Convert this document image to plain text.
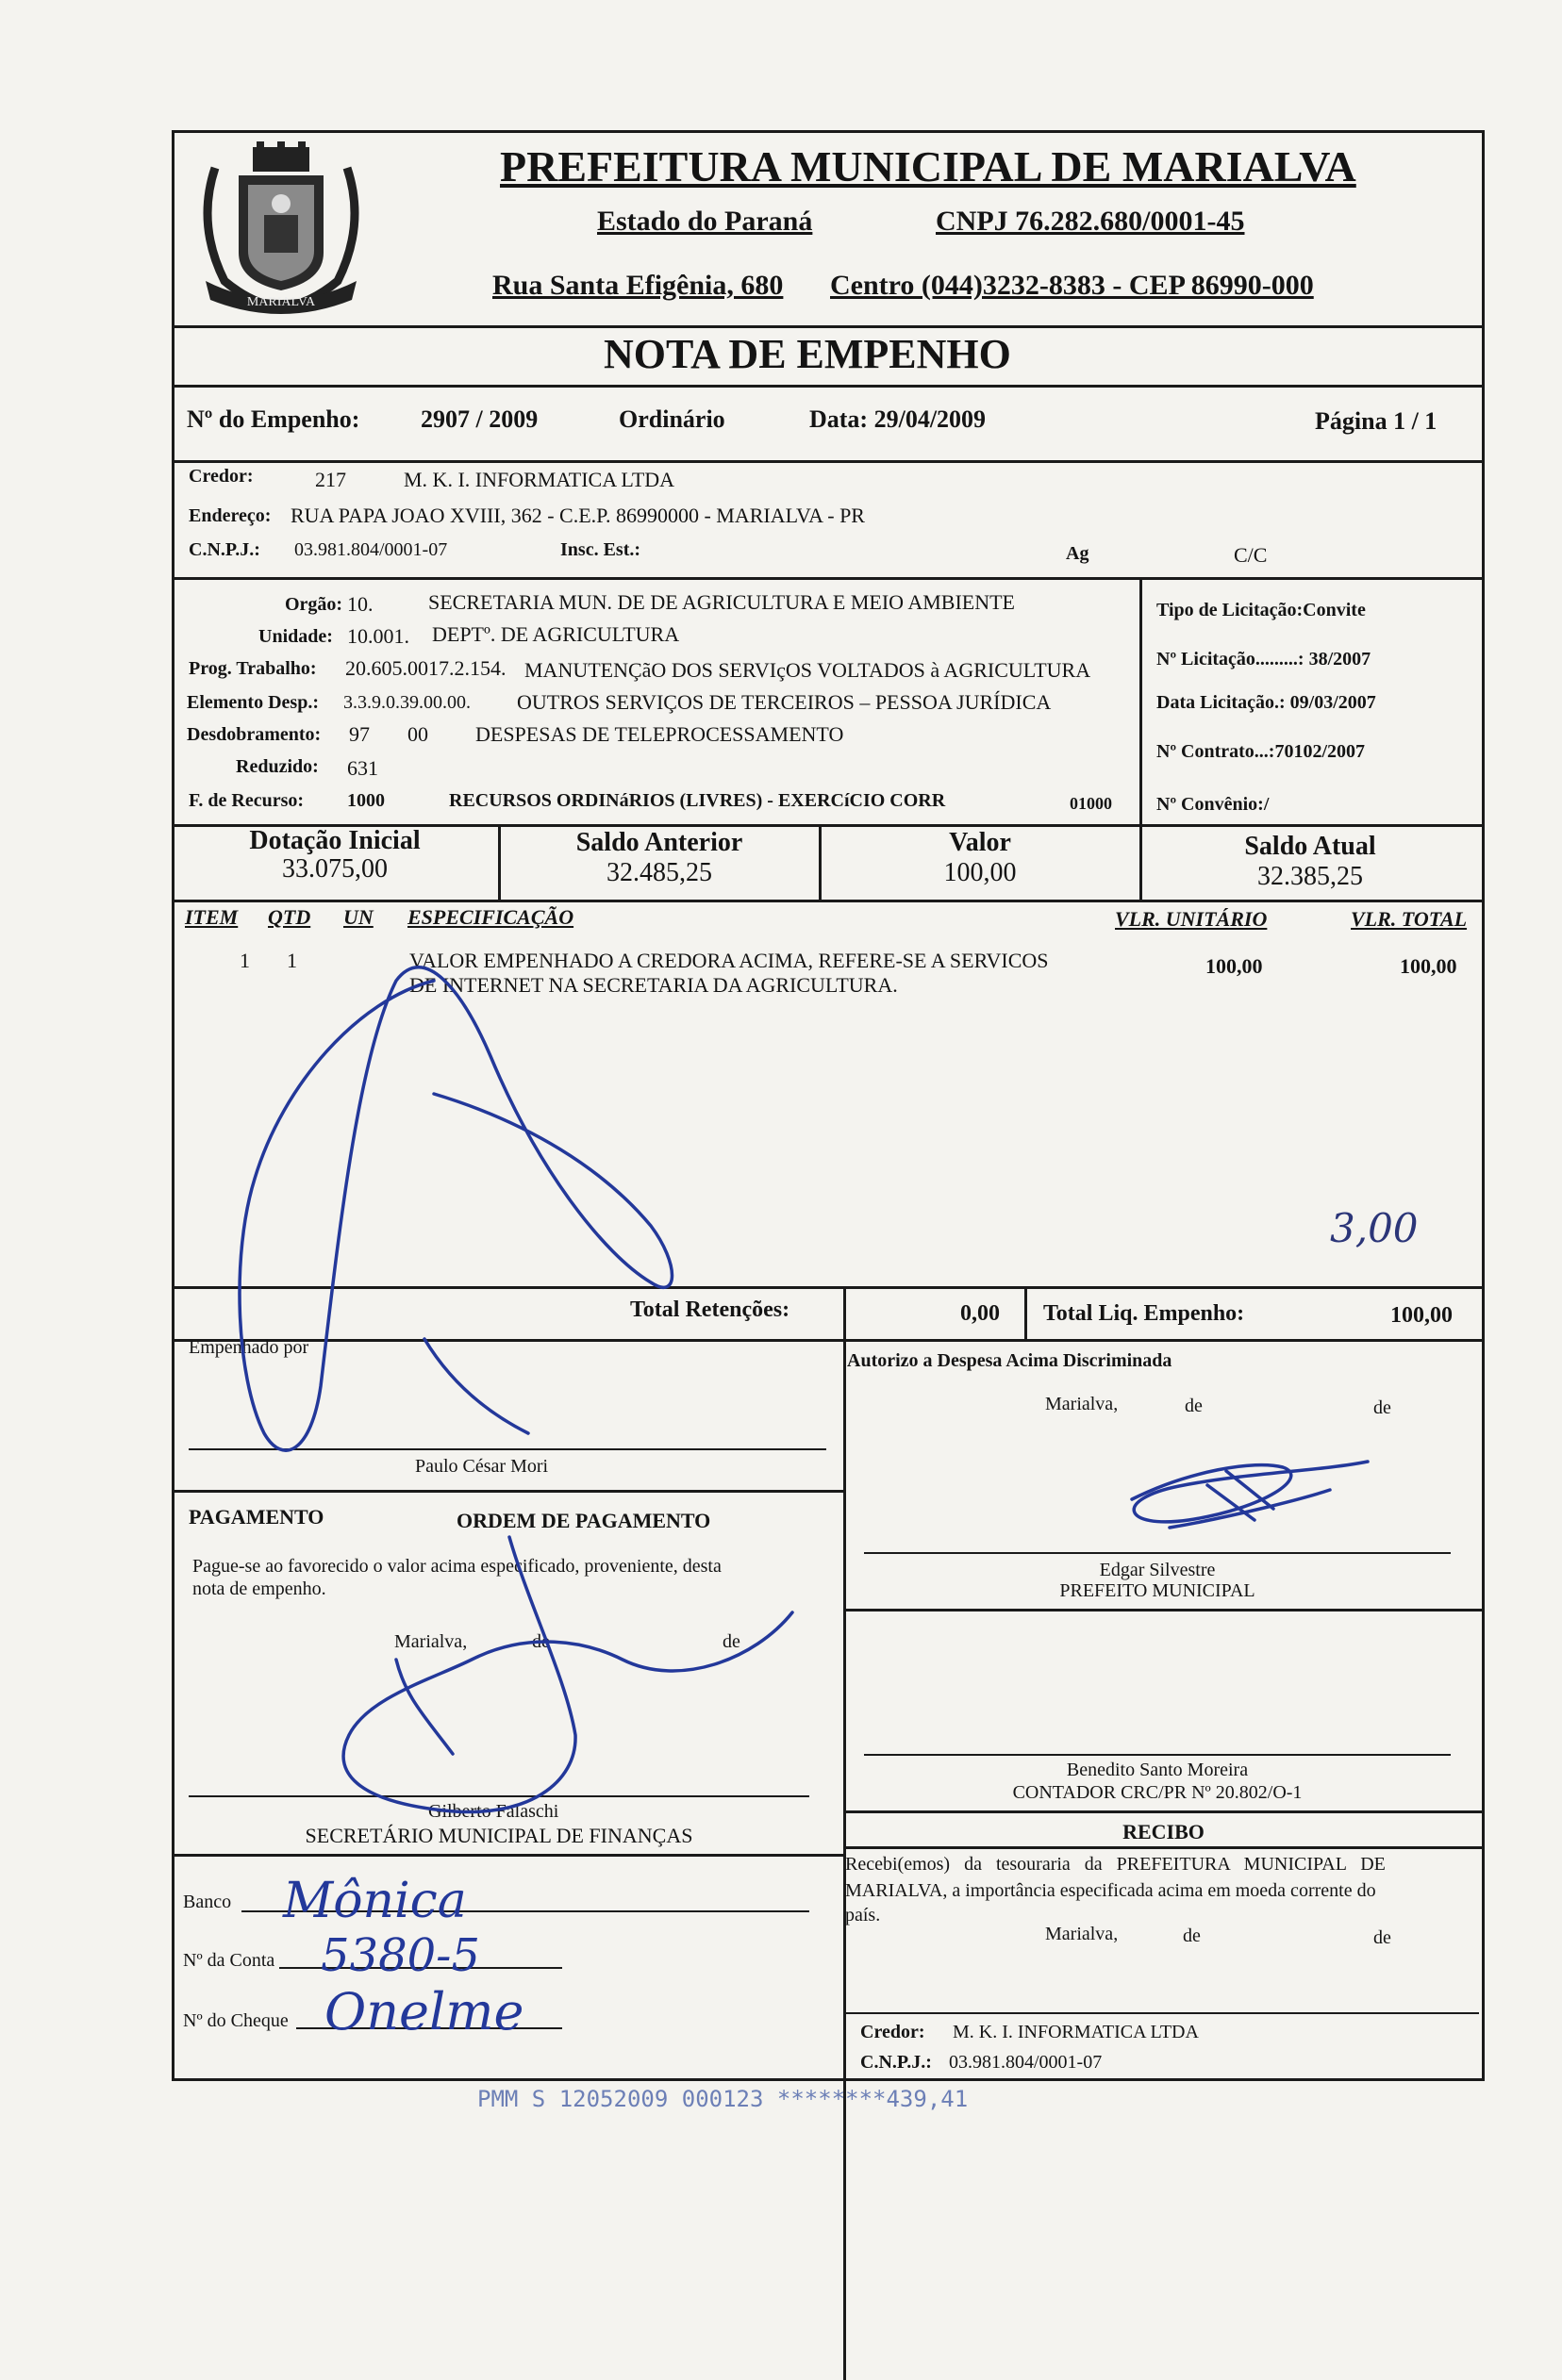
MARIALVA
PREFEITURA MUNICIPAL DE MARIALVA
Estado do Paraná	CNPJ 76.282.680/0001-45
Rua Santa Efigênia, 680 Centro (044)3232-8383 - CEP 86990-000
NOTA DE EMPENHO
Nº do Empenho: 2907 / 2009	Ordinário	Data: 29/04/2009	Página 1 / 1
Credor:	217	M. K. I. INFORMATICA LTDA
Endereço: RUA PAPA JOAO XVIII, 362 - C.E.P. 86990000 - MARIALVA - PR
C.N.P.J.: 03.981.804/0001-07	Insc. Est.:	Ag	C/C
Orgão: 10.	SECRETARIA MUN. DE DE AGRICULTURA E MEIO AMBIENTE
Unidade: 10.001. DEPTº. DE AGRICULTURA
Prog. Trabalho: 20.605.0017.2.154. MANUTENÇãO DOS SERVIçOS VOLTADOS à AGRICULTURA
Elemento Desp.: 3.3.9.0.39.00.00. OUTROS SERVIÇOS DE TERCEIROS – PESSOA JURÍDICA
Desdobramento: 97 00 DESPESAS DE TELEPROCESSAMENTO
Reduzido: 631
F. de Recurso: 1000	RECURSOS ORDINáRIOS (LIVRES) - EXERCíCIO CORR	01000
Tipo de Licitação:Convite
Nº Licitação.........: 38/2007
Data Licitação.: 09/03/2007
Nº Contrato...:70102/2007
Nº Convênio:/
Dotação Inicial
33.075,00
Saldo Anterior
32.485,25
Valor
100,00
Saldo Atual
32.385,25
ITEM QTD UN ESPECIFICAÇÃO	VLR. UNITÁRIO	VLR. TOTAL
1 1	VALOR EMPENHADO A CREDORA ACIMA, REFERE-SE A SERVICOS
DE INTERNET NA SECRETARIA DA AGRICULTURA.
100,00	100,00
3,00
Total Retenções:	0,00 Total Liq. Empenho:	100,00
Empenhado por
Paulo César Mori
Autorizo a Despesa Acima Discriminada
Marialva,	de	de
Edgar Silvestre
PREFEITO MUNICIPAL
PAGAMENTO	ORDEM DE PAGAMENTO
Pague-se ao favorecido o valor acima especificado, proveniente, desta
nota de empenho.
Marialva,	de	de
Gilberto Falaschi
SECRETÁRIO MUNICIPAL DE FINANÇAS
Benedito Santo Moreira
CONTADOR CRC/PR Nº 20.802/O-1
RECIBO
Recebi(emos) da tesouraria da PREFEITURA MUNICIPAL DE
MARIALVA, a importância especificada acima em moeda corrente do
país.
Marialva,	de	de
Credor: M. K. I. INFORMATICA LTDA
C.N.P.J.: 03.981.804/0001-07
Banco
Nº da Conta
Nº do Cheque
Mônica
5380-5
Onelme
PMM S 12052009 000123 ********439,41
